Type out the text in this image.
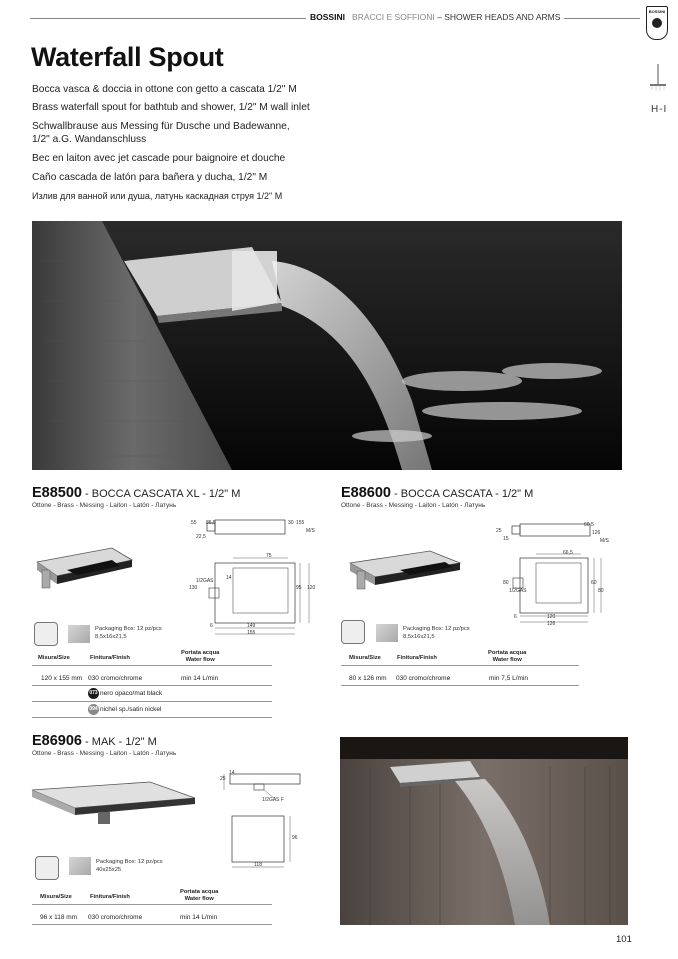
BOSSINI BRACCI E SOFFIONI – SHOWER HEADS AND ARMS
BOSSINI
H-I
Waterfall Spout
Bocca vasca & doccia in ottone con getto a cascata 1/2" M
Brass waterfall spout for bathtub and shower, 1/2" M wall inlet
Schwallbrause aus Messing für Dusche und Badewanne,
1/2" a.G. Wandanschluss
Bec en laiton avec jet cascade pour baignoire et douche
Caño cascada de latón para bañera y ducha, 1/2" M
Излив для ванной или душа, латунь каскадная струя 1/2" M
E88500 - BOCCA CASCATA XL - 1/2" M
Ottone - Brass - Messing - Laiton - Latón - Латунь
55
22,5
85,5	30 155
M/S
75
130
1/2GAS 14
95 120
149
155
6
Packaging Box: 12 pz/pcs
8,5x16x21,5
Misura/Size	Finitura/Finish
Portata acqua
Water flow
120 x 155 mm 030 cromo/chrome	min 14 L/min
073 nero opaco/mat black
094 nichel sp./satin nickel
E88600 - BOCCA CASCATA - 1/2" M
Ottone - Brass - Messing - Laiton - Latón - Латунь
25
15
60,5
126
M/S
66,5
80
1/2GAS
60
80
120
126
6
Packaging Box: 12 pz/pcs
8,5x16x21,5
Misura/Size	Finitura/Finish
Portata acqua
Water flow
80 x 126 mm 030 cromo/chrome	min 7,5 L/min
E86906 - MAK - 1/2" M
Ottone - Brass - Messing - Laiton - Latón - Латунь
25
14
1/2GAS F
96
118
Packaging Box: 12 pz/pcs
40x25x25
Misura/Size	Finitura/Finish
Portata acqua
Water flow
96 x 118 mm 030 cromo/chrome	min 14 L/min
101
